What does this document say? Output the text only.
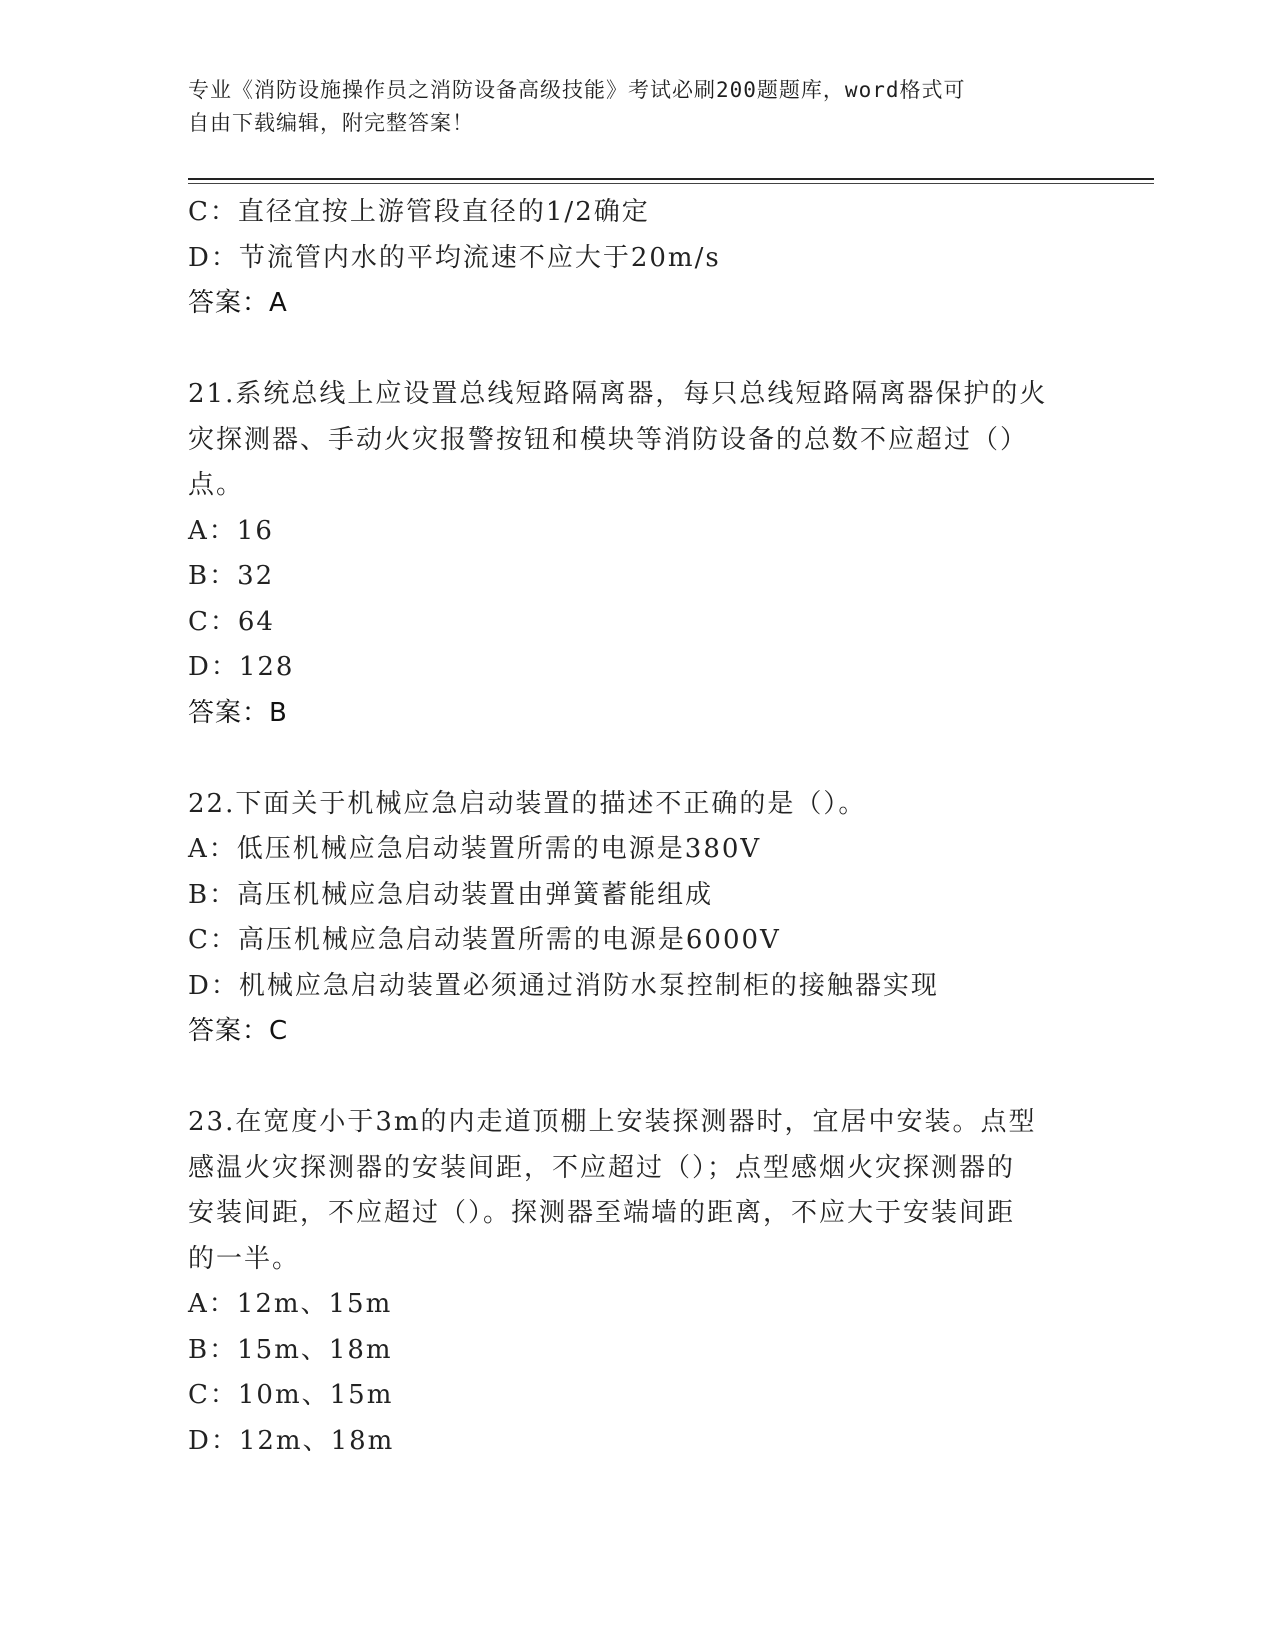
专业《消防设施操作员之消防设备高级技能》考试必刷200题题库，word格式可
自由下载编辑，附完整答案！
C：直径宜按上游管段直径的1/2确定
D：节流管内水的平均流速不应大于20m/s
答案：A
21.系统总线上应设置总线短路隔离器，每只总线短路隔离器保护的火
灾探测器、手动火灾报警按钮和模块等消防设备的总数不应超过（）
点。
A：16
B：32
C：64
D：128
答案：B
22.下面关于机械应急启动装置的描述不正确的是（）。
A：低压机械应急启动装置所需的电源是380V
B：高压机械应急启动装置由弹簧蓄能组成
C：高压机械应急启动装置所需的电源是6000V
D：机械应急启动装置必须通过消防水泵控制柜的接触器实现
答案：C
23.在宽度小于3m的内走道顶棚上安装探测器时，宜居中安装。点型
感温火灾探测器的安装间距，不应超过（）；点型感烟火灾探测器的
安装间距，不应超过（）。探测器至端墙的距离，不应大于安装间距
的一半。
A：12m、15m
B：15m、18m
C：10m、15m
D：12m、18m
